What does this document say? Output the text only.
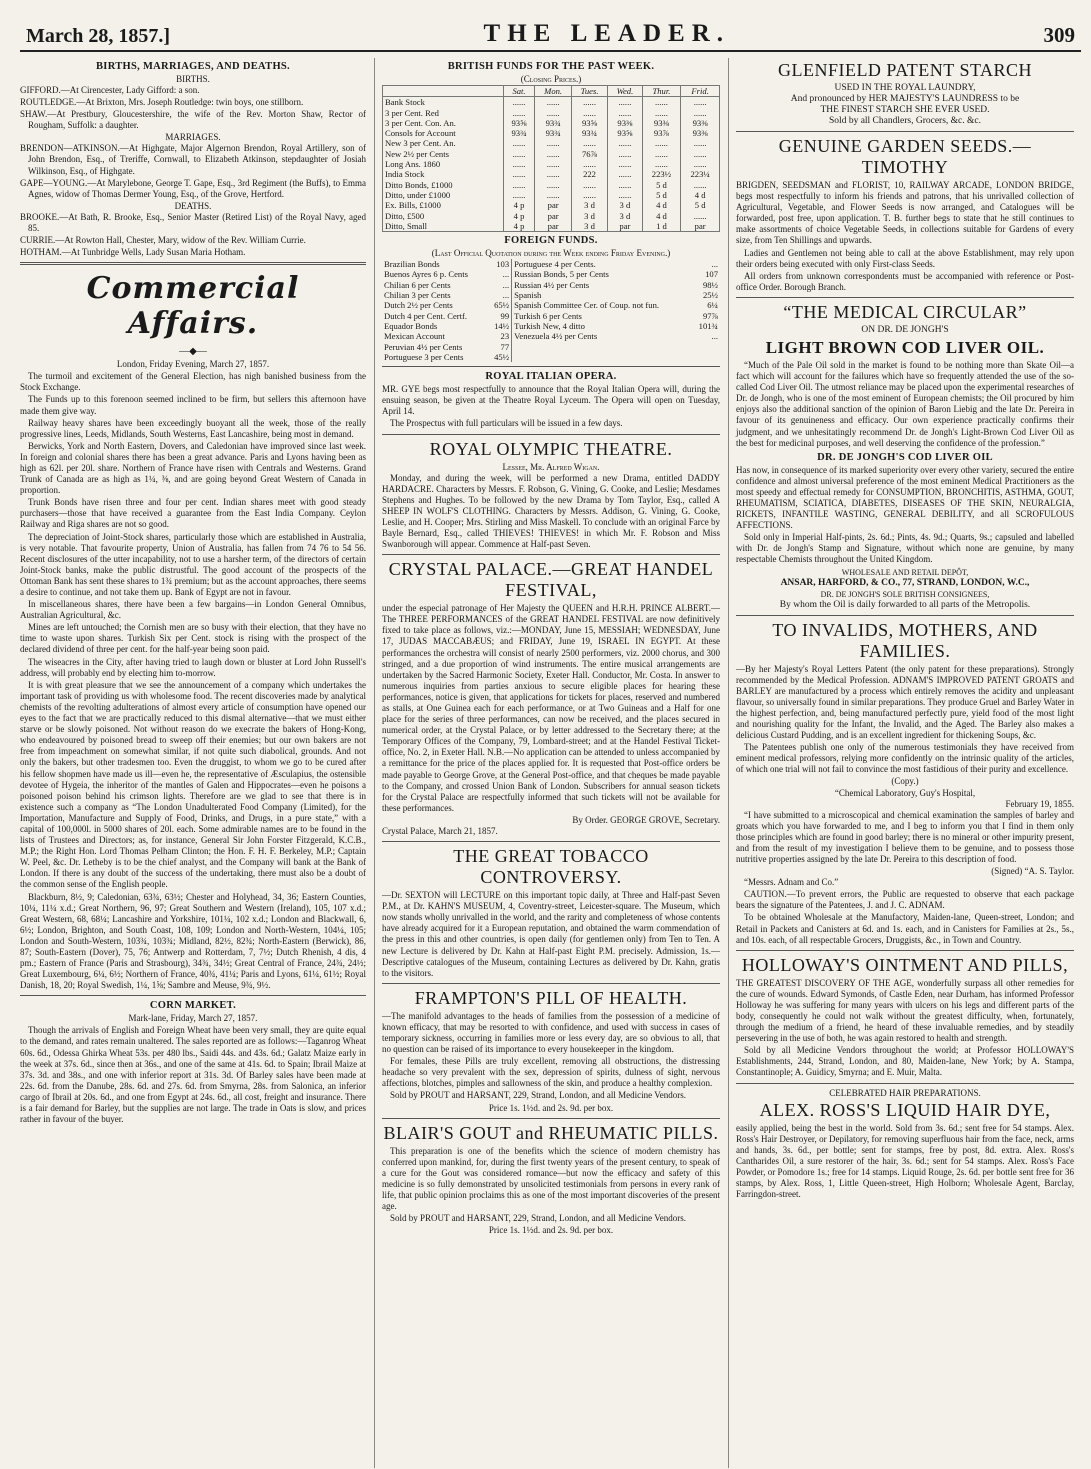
March 28, 1857.]	THE LEADER.	309
BIRTHS, MARRIAGES, AND DEATHS.
BIRTHS.
GIFFORD.—At Cirencester, Lady Gifford: a son.
ROUTLEDGE.—At Brixton, Mrs. Joseph Routledge: twin boys, one stillborn.
SHAW.—At Prestbury, Gloucestershire, the wife of the Rev. Morton Shaw, Rector of Rougham, Suffolk: a daughter.
MARRIAGES.
BRENDON—ATKINSON.—At Highgate, Major Algernon Brendon, Royal Artillery, son of John Brendon, Esq., of Treriffe, Cornwall, to Elizabeth Atkinson, stepdaughter of Josiah Wilkinson, Esq., of Highgate.
GAPE—YOUNG.—At Marylebone, George T. Gape, Esq., 3rd Regiment (the Buffs), to Emma Agnes, widow of Thomas Dermer Young, Esq., of the Grove, Hertford.
DEATHS.
BROOKE.—At Bath, R. Brooke, Esq., Senior Master (Retired List) of the Royal Navy, aged 85.
CURRIE.—At Rowton Hall, Chester, Mary, widow of the Rev. William Currie.
HOTHAM.—At Tunbridge Wells, Lady Susan Maria Hotham.
Commercial Affairs.
—◆—
London, Friday Evening, March 27, 1857.

The turmoil and excitement of the General Election, has nigh banished business from the Stock Exchange.

The Funds up to this forenoon seemed inclined to be firm, but sellers this afternoon have made them give way.

Railway heavy shares have been exceedingly buoyant all the week, those of the really progressive lines, Leeds, Midlands, South Westerns, East Lancashire, being most in demand.

Berwicks, York and North Eastern, Dovers, and Caledonian have improved since last week. In foreign and colonial shares there has been a great advance. Paris and Lyons having been as high as 62l. per 20l. share. Northern of France have risen with Centrals and Westerns. Grand Trunk of Canada are as high as 1¼, ⅜, and are going beyond Great Western of Canada in proportion.

Trunk Bonds have risen three and four per cent. Indian shares meet with good steady purchasers—those that have received a guarantee from the East India Company. Ceylon Railway and Riga shares are not so good.

The depreciation of Joint-Stock shares, particularly those which are established in Australia, is very notable. That favourite property, Union of Australia, has fallen from 74 76 to 54 56. Recent disclosures of the utter incapability, not to use a harsher term, of the directors of certain Joint-Stock banks, make the public distrustful. The good account of the prospects of the Ottoman Bank has sent these shares to 1¾ premium; but as the account approaches, there seems a desire to continue, and not take them up. Bank of Egypt are not in favour.

In miscellaneous shares, there have been a few bargains—in London General Omnibus, Australian Agricultural, &c.

Mines are left untouched; the Cornish men are so busy with their election, that they have no time to waste upon shares. Turkish Six per Cent. stock is rising with the prospect of the declared dividend of three per cent. for the half-year being soon paid.

The wiseacres in the City, after having tried to laugh down or bluster at Lord John Russell's address, will probably end by electing him to-morrow.

It is with great pleasure that we see the announcement of a company which undertakes the important task of providing us with wholesome food. The recent discoveries made by analytical chemists of the revolting adulterations of almost every article of consumption have opened our eyes to the fact that we are practically reduced to this dismal alternative—that we must either starve or be slowly poisoned. Not without reason do we execrate the bakers of Hong-Kong, who endeavoured by poisoned bread to sweep off their enemies; but our own bakers are not free from impeachment on somewhat similar, if not quite such diabolical, grounds. And not only the bakers, but other tradesmen too. Even the druggist, to whom we go to be cured after his fellow shopmen have made us ill—even he, the representative of Æsculapius, the ostensible devotee of Hygeia, the inheritor of the mantles of Galen and Hippocrates—even he poisons a poisoned poison behind his crimson lights. Therefore are we glad to see that there is in existence such a company as “The London Unadulterated Food Company (Limited), for the Importation, Manufacture and Supply of Food, Drinks, and Drugs, in a pure state,” with a capital of 100,000l. in 5000 shares of 20l. each. Some admirable names are to be found in the lists of Trustees and Directors; as, for instance, General Sir John Forster Fitzgerald, K.C.B., M.P.; the Right Hon. Lord Thomas Pelham Clinton; the Hon. F. H. F. Berkeley, M.P.; Captain W. Peel, &c. Dr. Letheby is to be the chief analyst, and the Company will bank at the Bank of London. If there is any doubt of the success of the undertaking, there must also be a doubt of the common sense of the English people.

Blackburn, 8½, 9; Caledonian, 63¾, 63½; Chester and Holyhead, 34, 36; Eastern Counties, 10¼, 11¼ x.d.; Great Northern, 96, 97; Great Southern and Western (Ireland), 105, 107 x.d.; Great Western, 68, 68¼; Lancashire and Yorkshire, 101¼, 102 x.d.; London and Blackwall, 6, 6½; London, Brighton, and South Coast, 108, 109; London and North-Western, 104¼, 105; London and South-Western, 103¾, 103¾; Midland, 82½, 82¾; North-Eastern (Berwick), 86, 87; South-Eastern (Dover), 75, 76; Antwerp and Rotterdam, 7, 7½; Dutch Rhenish, 4 dis, 4 pm.; Eastern of France (Paris and Strasbourg), 34¾, 34½; Great Central of France, 24¾, 24½; Great Luxembourg, 6¼, 6½; Northern of France, 40¾, 41¼; Paris and Lyons, 61¼, 61½; Royal Danish, 18, 20; Royal Swedish, 1¼, 1⅝; Sambre and Meuse, 9¾, 9½.

CORN MARKET.
Mark-lane, Friday, March 27, 1857.

Though the arrivals of English and Foreign Wheat have been very small, they are quite equal to the demand, and rates remain unaltered. The sales reported are as follows:—Taganrog Wheat 60s. 6d., Odessa Ghirka Wheat 53s. per 480 lbs., Saidi 44s. and 43s. 6d.; Galatz Maize early in the week at 37s. 6d., since then at 36s., and one of the same at 41s. 6d. to Spain; Ibrail Maize at 37s. 3d. and 38s., and one with inferior report at 31s. 3d. Of Barley sales have been made at 22s. 6d. from the Danube, 28s. 6d. and 27s. 6d. from Smyrna, 28s. from Salonica, an inferior cargo of Ibrail at 20s. 6d., and one from Egypt at 24s. 6d., all cost, freight and insurance. There is a fair demand for Barley, but the supplies are not large. The trade in Oats is slow, and prices rather in favour of the buyer.

BRITISH FUNDS FOR THE PAST WEEK.
(Closing Prices.)
	Sat.	Mon.	Tues.	Wed.	Thur.	Frid.
Bank Stock	......	......	......	......	......	......
3 per Cent. Red	......	......	......	......	......	......
3 per Cent. Con. An.	93⅝	93¾	93⅝	93⅜	93⅜	93⅜
Consols for Account	93¾	93¾	93¾	93⅝	93⅞	93⅜
New 3 per Cent. An.	......	......	......	......	......	......
New 2½ per Cents	......	......	76⅞	......	......	......
Long Ans. 1860	......	......	......	......	......	......
India Stock	......	......	222	......	223½	223¼
Ditto Bonds, £1000	......	......	......	......	5 d	......
Ditto, under £1000	......	......	......	......	5 d	4 d
Ex. Bills, £1000	4 p	par	3 d	3 d	4 d	5 d
Ditto, £500	4 p	par	3 d	3 d	4 d	......
Ditto, Small	4 p	par	3 d	par	1 d	par
FOREIGN FUNDS.
(Last Official Quotation during the Week ending Friday Evening.)
Brazilian Bonds	103	Portuguese 4 per Cents.	...
Buenos Ayres 6 p. Cents	...	Russian Bonds, 5 per Cents	107
Chilian 6 per Cents	...	Russian 4½ per Cents	98½
Chilian 3 per Cents	...	Spanish	25½
Dutch 2½ per Cents	65½	Spanish Committee Cer. of Coup. not fun.	6¼
Dutch 4 per Cent. Certf.	99	Turkish 6 per Cents	97⅞
Equador Bonds	14½	Turkish New, 4 ditto	101¾
Mexican Account	23	Venezuela 4½ per Cents	...
Peruvian 4½ per Cents	77		
Portuguese 3 per Cents	45½		
ROYAL ITALIAN OPERA.

MR. GYE begs most respectfully to announce that the Royal Italian Opera will, during the ensuing season, be given at the Theatre Royal Lyceum. The Opera will open on Tuesday, April 14.

The Prospectus with full particulars will be issued in a few days.

ROYAL OLYMPIC THEATRE.
Lessee, Mr. Alfred Wigan.

Monday, and during the week, will be performed a new Drama, entitled DADDY HARDACRE. Characters by Messrs. F. Robson, G. Vining, G. Cooke, and Leslie; Mesdames Stephens and Hughes. To be followed by the new Drama by Tom Taylor, Esq., called A SHEEP IN WOLF'S CLOTHING. Characters by Messrs. Addison, G. Vining, G. Cooke, Leslie, and H. Cooper; Mrs. Stirling and Miss Maskell. To conclude with an original Farce by Bayle Bernard, Esq., called THIEVES! THIEVES! in which Mr. F. Robson and Miss Swanborough will appear. Commence at Half-past Seven.

CRYSTAL PALACE.—GREAT HANDEL FESTIVAL,

under the especial patronage of Her Majesty the QUEEN and H.R.H. PRINCE ALBERT.—The THREE PERFORMANCES of the GREAT HANDEL FESTIVAL are now definitively fixed to take place as follows, viz.:—MONDAY, June 15, MESSIAH; WEDNESDAY, June 17, JUDAS MACCABÆUS; and FRIDAY, June 19, ISRAEL IN EGYPT. At these performances the orchestra will consist of nearly 2500 performers, viz. 2000 chorus, and 300 stringed, and a due proportion of wind instruments. The entire musical arrangements are undertaken by the Sacred Harmonic Society, Exeter Hall. Conductor, Mr. Costa. In answer to numerous inquiries from parties anxious to secure eligible places for hearing these performances, notice is given, that applications for tickets for places, reserved and numbered as stalls, at One Guinea each for each performance, or at Two Guineas and a Half for one place for the series of three performances, can now be received, and the places secured in numerical order, at the Crystal Palace, or by letter addressed to the Secretary there; at the Temporary Offices of the Company, 79, Lombard-street; and at the Handel Festival Ticket-office, No. 2, in Exeter Hall. N.B.—No application can be attended to unless accompanied by a remittance for the price of the places applied for. It is requested that Post-office orders be made payable to George Grove, at the General Post-office, and that cheques be made payable to the Company, and crossed Union Bank of London. Subscribers for annual season tickets for the Crystal Palace are respectfully informed that such tickets will not be available for these performances.

By Order. GEORGE GROVE, Secretary.
Crystal Palace, March 21, 1857.
THE GREAT TOBACCO CONTROVERSY.

—Dr. SEXTON will LECTURE on this important topic daily, at Three and Half-past Seven P.M., at Dr. KAHN'S MUSEUM, 4, Coventry-street, Leicester-square. The Museum, which now stands wholly unrivalled in the world, and the rarity and completeness of whose contents have already acquired for it a European reputation, and obtained the warm commendation of the press in this and other countries, is open daily (for gentlemen only) from Ten to Ten. A new Lecture is delivered by Dr. Kahn at Half-past Eight P.M. precisely. Admission, 1s.—Descriptive catalogues of the Museum, containing Lectures as delivered by Dr. Kahn, gratis to the visitors.

FRAMPTON'S PILL OF HEALTH.

—The manifold advantages to the heads of families from the possession of a medicine of known efficacy, that may be resorted to with confidence, and used with success in cases of temporary sickness, occurring in families more or less every day, are so obvious to all, that no question can be raised of its importance to every housekeeper in the kingdom.

For females, these Pills are truly excellent, removing all obstructions, the distressing headache so very prevalent with the sex, depression of spirits, dulness of sight, nervous affections, blotches, pimples and sallowness of the skin, and produce a healthy complexion.

Sold by PROUT and HARSANT, 229, Strand, London, and all Medicine Vendors.

Price 1s. 1½d. and 2s. 9d. per box.
BLAIR'S GOUT and RHEUMATIC PILLS.

This preparation is one of the benefits which the science of modern chemistry has conferred upon mankind, for, during the first twenty years of the present century, to speak of a cure for the Gout was considered romance—but now the efficacy and safety of this medicine is so fully demonstrated by unsolicited testimonials from persons in every rank of life, that public opinion proclaims this as one of the most important discoveries of the present age.

Sold by PROUT and HARSANT, 229, Strand, London, and all Medicine Vendors.

Price 1s. 1½d. and 2s. 9d. per box.
GLENFIELD PATENT STARCH
USED IN THE ROYAL LAUNDRY,
And pronounced by HER MAJESTY'S LAUNDRESS to be
THE FINEST STARCH SHE EVER USED.
Sold by all Chandlers, Grocers, &c. &c.
GENUINE GARDEN SEEDS.—TIMOTHY

BRIGDEN, SEEDSMAN and FLORIST, 10, RAILWAY ARCADE, LONDON BRIDGE, begs most respectfully to inform his friends and patrons, that his unrivalled collection of Agricultural, Vegetable, and Flower Seeds is now arranged, and Catalogues will be forwarded, post free, upon application. T. B. further begs to state that he still continues to make assortments of choice Vegetable Seeds, in collections suitable for Gardens of every size, from Ten Shillings and upwards.

Ladies and Gentlemen not being able to call at the above Establishment, may rely upon their orders being executed with only First-class Seeds.

All orders from unknown correspondents must be accompanied with reference or Post-office Order. Borough Branch.

“THE MEDICAL CIRCULAR”
ON DR. DE JONGH'S
LIGHT BROWN COD LIVER OIL.

“Much of the Pale Oil sold in the market is found to be nothing more than Skate Oil—a fact which will account for the failures which have so frequently attended the use of the so-called Cod Liver Oil. The utmost reliance may be placed upon the experimental researches of Dr. de Jongh, who is one of the most eminent of European chemists; the Oil procured by him enjoys also the additional sanction of the opinion of Baron Liebig and the late Dr. Pereira in favour of its genuineness and efficacy. Our own experience practically confirms their judgment, and we unhesitatingly recommend Dr. de Jongh's Light-Brown Cod Liver Oil as the best for medicinal purposes, and well deserving the confidence of the profession.”

DR. DE JONGH'S COD LIVER OIL

Has now, in consequence of its marked superiority over every other variety, secured the entire confidence and almost universal preference of the most eminent Medical Practitioners as the most speedy and effectual remedy for CONSUMPTION, BRONCHITIS, ASTHMA, GOUT, RHEUMATISM, SCIATICA, DIABETES, DISEASES OF THE SKIN, NEURALGIA, RICKETS, INFANTILE WASTING, GENERAL DEBILITY, and all SCROFULOUS AFFECTIONS.

Sold only in Imperial Half-pints, 2s. 6d.; Pints, 4s. 9d.; Quarts, 9s.; capsuled and labelled with Dr. de Jongh's Stamp and Signature, without which none are genuine, by many respectable Chemists throughout the United Kingdom.

WHOLESALE AND RETAIL DEPÔT,
ANSAR, HARFORD, & CO., 77, STRAND, LONDON, W.C.,
DR. DE JONGH'S SOLE BRITISH CONSIGNEES,
By whom the Oil is daily forwarded to all parts of the Metropolis.
TO INVALIDS, MOTHERS, AND FAMILIES.

—By her Majesty's Royal Letters Patent (the only patent for these preparations). Strongly recommended by the Medical Profession. ADNAM'S IMPROVED PATENT GROATS and BARLEY are manufactured by a process which entirely removes the acidity and unpleasant flavour, so universally found in similar preparations. They produce Gruel and Barley Water in the highest perfection, and, being manufactured perfectly pure, yield food of the most light and nourishing quality for the Infant, the Invalid, and the Aged. The Barley also makes a delicious Custard Pudding, and is an excellent ingredient for thickening Soups, &c.

The Patentees publish one only of the numerous testimonials they have received from eminent medical professors, relying more confidently on the intrinsic quality of the articles, of which one trial will not fail to convince the most fastidious of their purity and excellence.

(Copy.)
“Chemical Laboratory, Guy's Hospital,
February 19, 1855.

“I have submitted to a microscopical and chemical examination the samples of barley and groats which you have forwarded to me, and I beg to inform you that I find in them only those principles which are found in good barley; there is no mineral or other impurity present, and from the result of my investigation I believe them to be genuine, and to possess those nutritive properties assigned by the late Dr. Pereira to this description of food.

(Signed) “A. S. Taylor.

“Messrs. Adnam and Co.”

CAUTION.—To prevent errors, the Public are requested to observe that each package bears the signature of the Patentees, J. and J. C. ADNAM.

To be obtained Wholesale at the Manufactory, Maiden-lane, Queen-street, London; and Retail in Packets and Canisters at 6d. and 1s. each, and in Canisters for Families at 2s., 5s., and 10s. each, of all respectable Grocers, Druggists, &c., in Town and Country.

HOLLOWAY'S OINTMENT AND PILLS,

THE GREATEST DISCOVERY OF THE AGE, wonderfully surpass all other remedies for the cure of wounds. Edward Symonds, of Castle Eden, near Durham, has informed Professor Holloway he was suffering for many years with ulcers on his legs and different parts of the body, consequently he could not walk without the greatest difficulty, when, fortunately, through the medium of a friend, he heard of these invaluable remedies, and by steadily persevering in the use of both, he was again restored to health and strength.

Sold by all Medicine Vendors throughout the world; at Professor HOLLOWAY'S Establishments, 244, Strand, London, and 80, Maiden-lane, New York; by A. Stampa, Constantinople; A. Guidicy, Smyrna; and E. Muir, Malta.

CELEBRATED HAIR PREPARATIONS.
ALEX. ROSS'S LIQUID HAIR DYE,

easily applied, being the best in the world. Sold from 3s. 6d.; sent free for 54 stamps. Alex. Ross's Hair Destroyer, or Depilatory, for removing superfluous hair from the face, neck, arms and hands, 3s. 6d., per bottle; sent for stamps, free by post, 8d. extra. Alex. Ross's Cantharides Oil, a sure restorer of the hair, 3s. 6d.; sent for 54 stamps. Alex. Ross's Face Powder, or Pomodore 1s.; free for 14 stamps. Liquid Rouge, 2s. 6d. per bottle sent free for 36 stamps, by Alex. Ross, 1, Little Queen-street, High Holborn; Wholesale Agent, Barclay, Farringdon-street.
